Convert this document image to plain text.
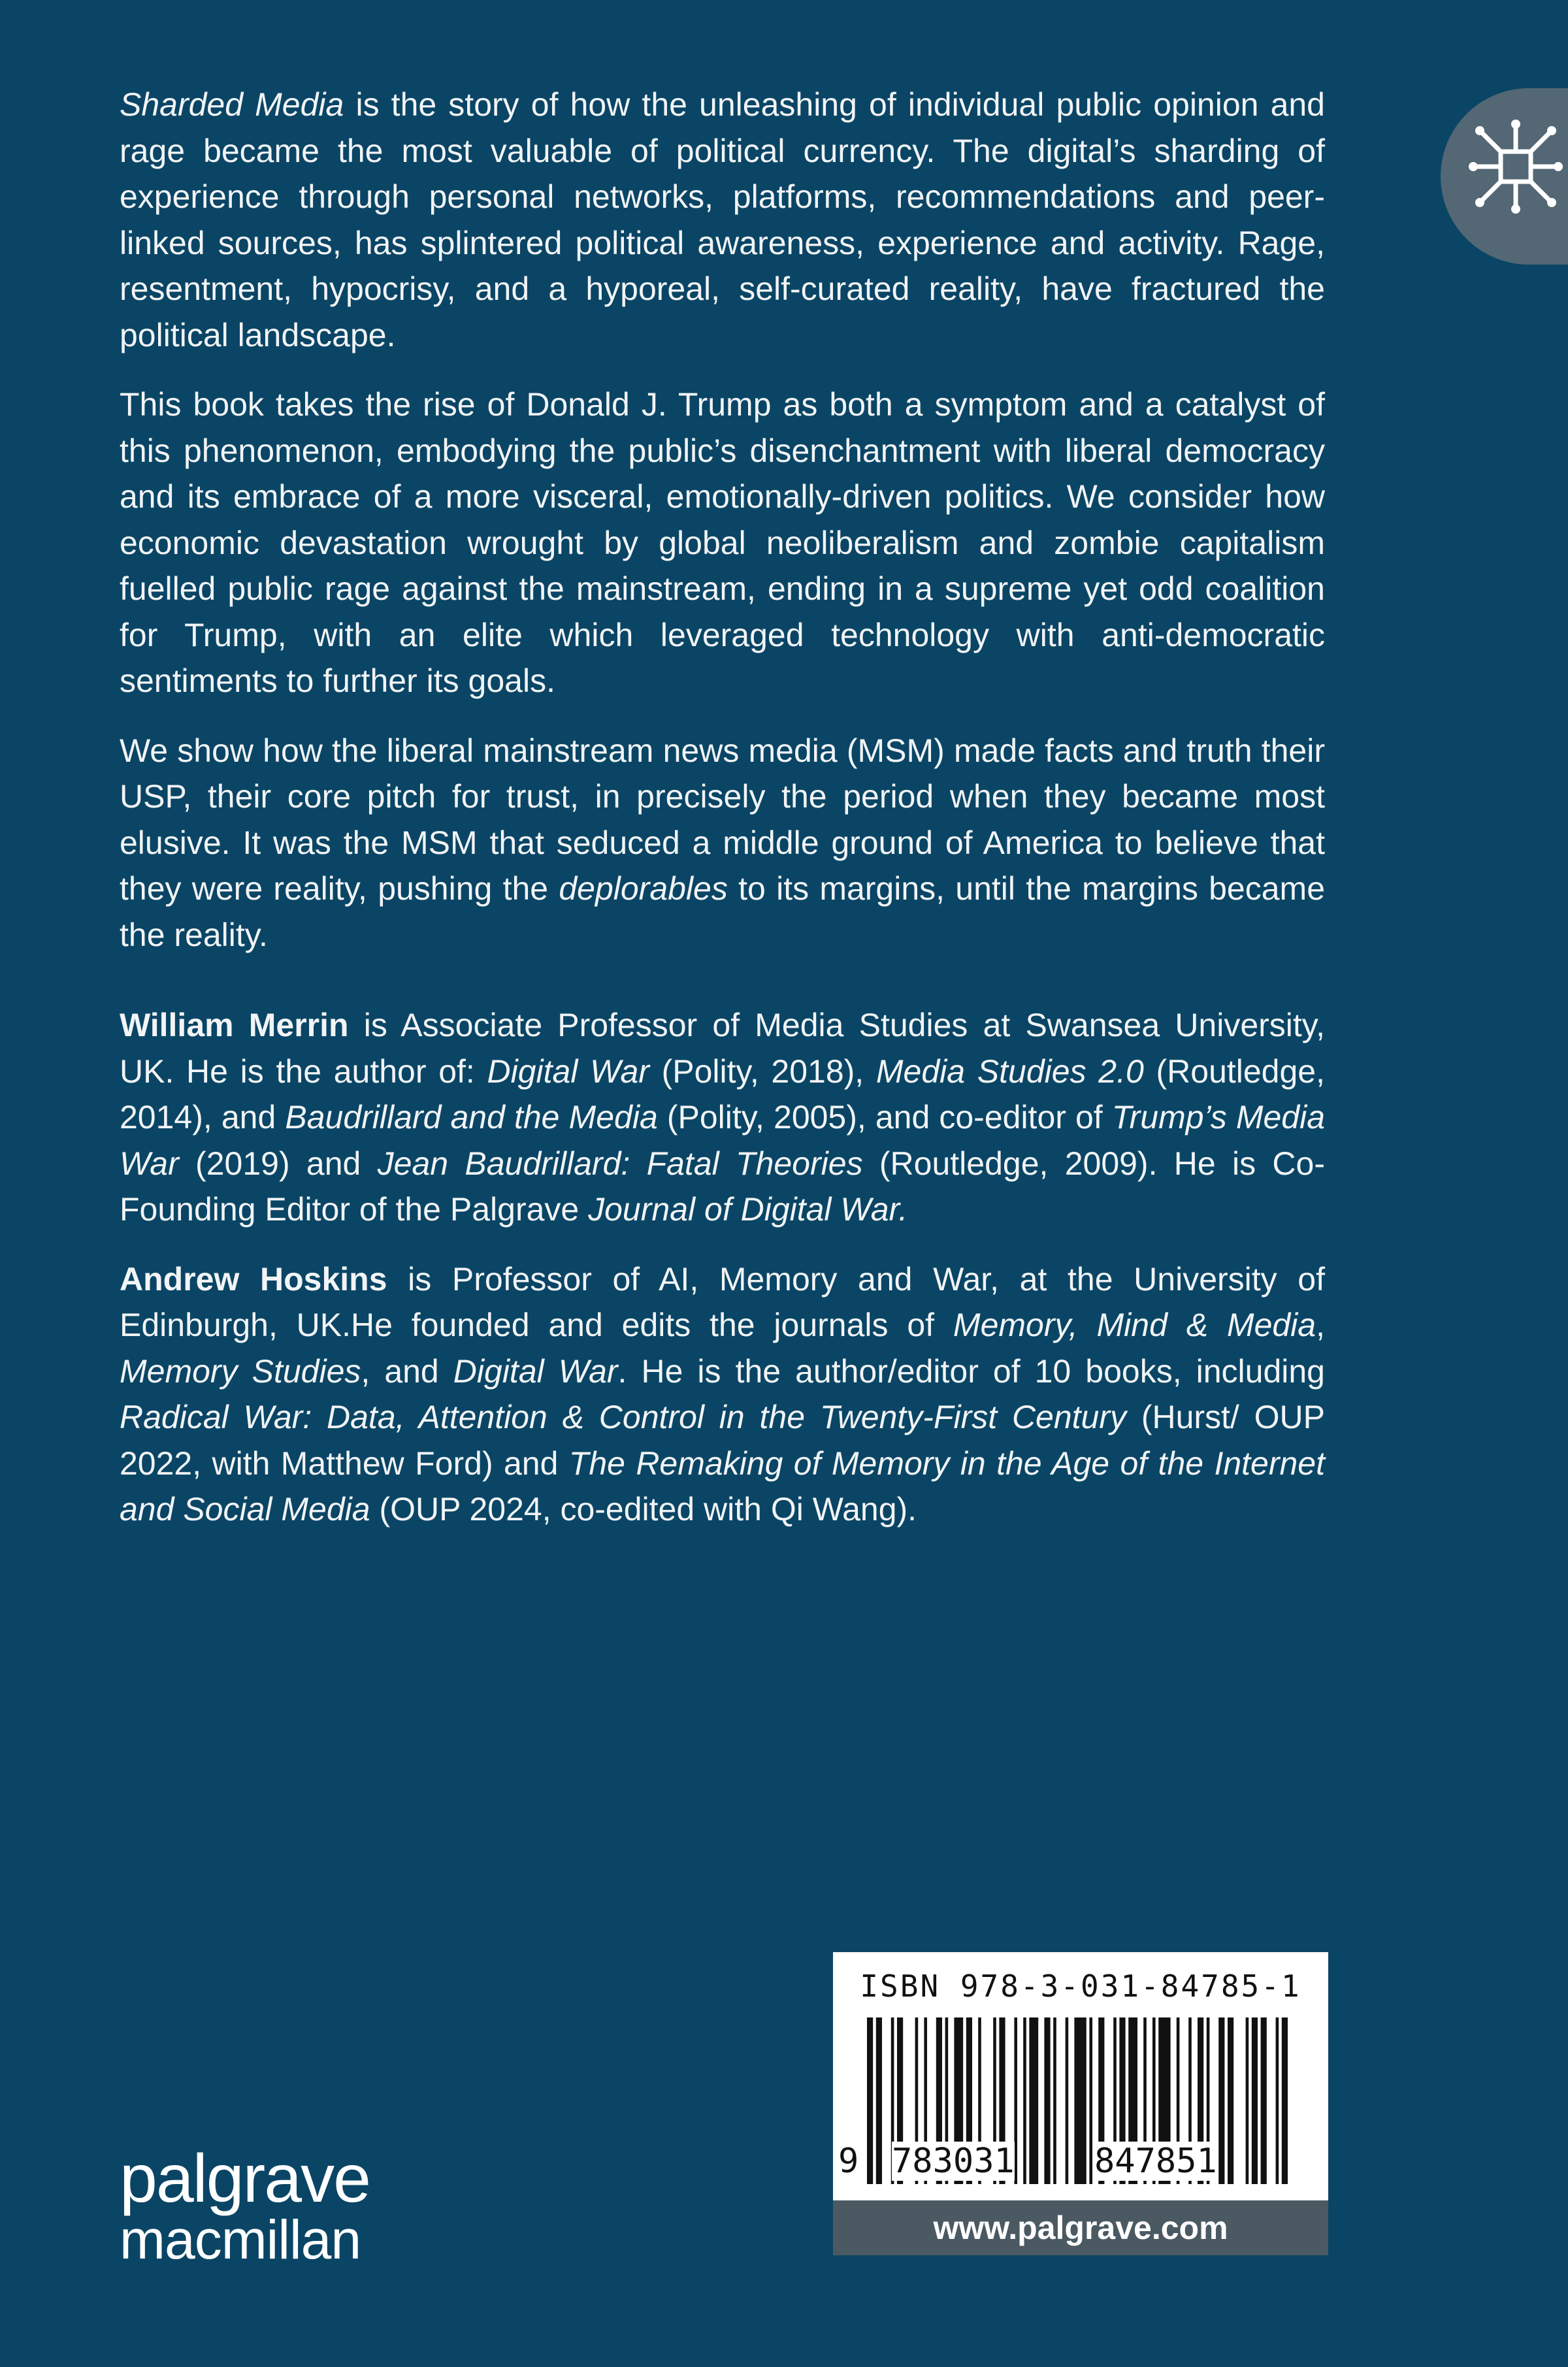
Sharded Media is the story of how the unleashing of individual public opinion and rage became the most valuable of political currency. The digital’s sharding of experience through personal networks, platforms, recommendations and peer-linked sources, has splintered political awareness, experience and activity. Rage, resentment, hypocrisy, and a hyporeal, self-curated reality, have fractured the political landscape.

This book takes the rise of Donald J. Trump as both a symptom and a catalyst of this phenomenon, embodying the public’s disenchantment with liberal democracy and its embrace of a more visceral, emotionally-driven politics. We consider how economic devastation wrought by global neoliberalism and zombie capitalism fuelled public rage against the mainstream, ending in a supreme yet odd coalition for Trump, with an elite which leveraged technology with anti-democratic sentiments to further its goals.

We show how the liberal mainstream news media (MSM) made facts and truth their USP, their core pitch for trust, in precisely the period when they became most elusive. It was the MSM that seduced a middle ground of America to believe that they were reality, pushing the deplorables to its margins, until the margins became the reality.

William Merrin is Associate Professor of Media Studies at Swansea University, UK. He is the author of: Digital War (Polity, 2018), Media Studies 2.0 (Routledge, 2014), and Baudrillard and the Media (Polity, 2005), and co-editor of Trump’s Media War (2019) and Jean Baudrillard: Fatal Theories (Routledge, 2009). He is Co-Founding Editor of the Palgrave Journal of Digital War.

Andrew Hoskins is Professor of AI, Memory and War, at the University of Edinburgh, UK.He founded and edits the journals of Memory, Mind & Media, Memory Studies, and Digital War. He is the author/editor of 10 books, including Radical War: Data, Attention & Control in the Twenty-First Century (Hurst/ OUP 2022, with Matthew Ford) and The Remaking of Memory in the Age of the Internet and Social Media (OUP 2024, co-edited with Qi Wang).

palgrave
macmillan
ISBN 978-3-031-84785-1
9 783031 847851
www.palgrave.com
